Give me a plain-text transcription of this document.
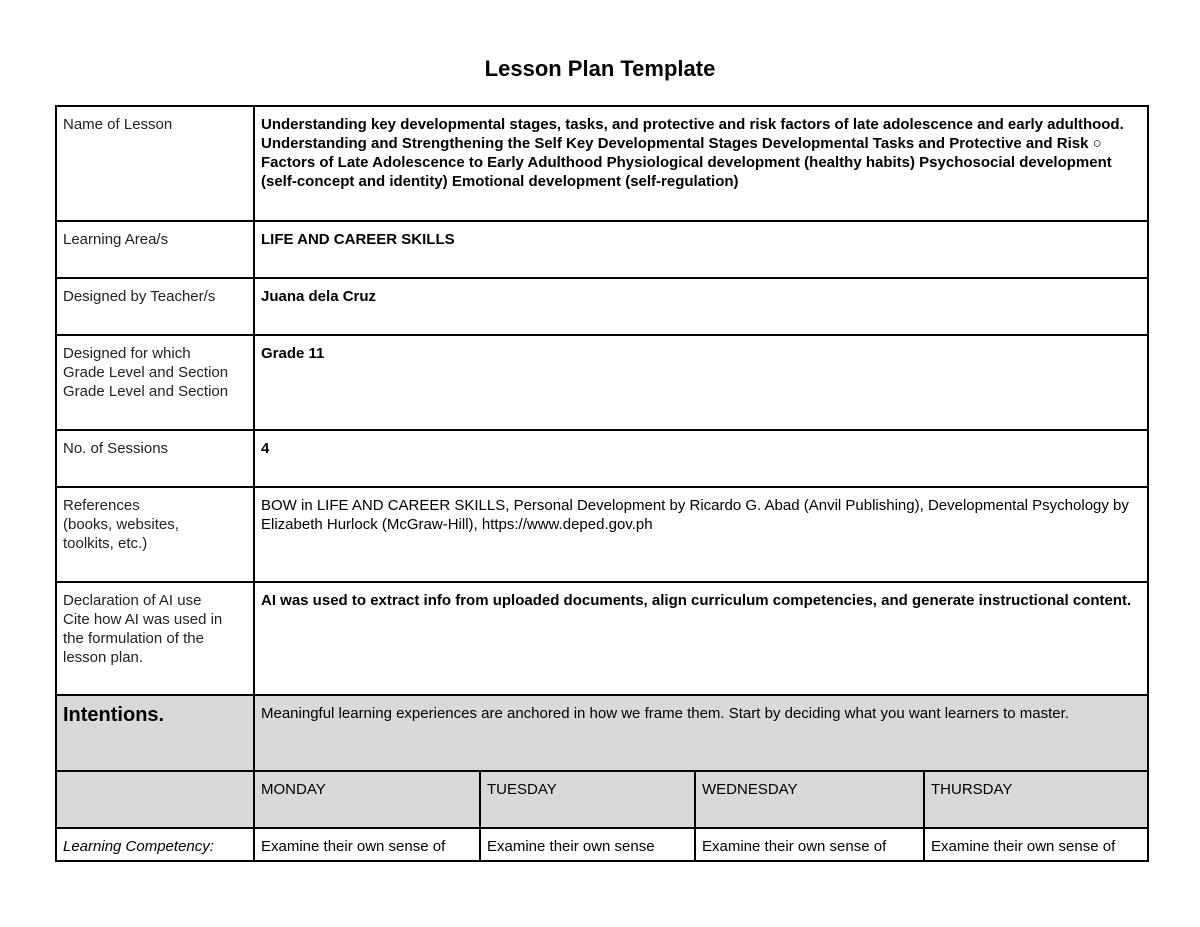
Lesson Plan Template
Name of Lesson	Understanding key developmental stages, tasks, and protective and risk factors of late adolescence and early adulthood. Understanding and Strengthening the Self Key Developmental Stages Developmental Tasks and Protective and Risk ○ Factors of Late Adolescence to Early Adulthood Physiological development (healthy habits) Psychosocial development (self-concept and identity) Emotional development (self-regulation)			
Learning Area/s	LIFE AND CAREER SKILLS			
Designed by Teacher/s	Juana dela Cruz			

Designed for which
Grade Level and Section
Grade Level and Section	Grade 11			
No. of Sessions	4			

References
(books, websites,
toolkits, etc.)	BOW in LIFE AND CAREER SKILLS, Personal Development by Ricardo G. Abad (Anvil Publishing), Developmental Psychology by Elizabeth Hurlock (McGraw-Hill), https://www.deped.gov.ph			

Declaration of AI use
Cite how AI was used in
the formulation of the
lesson plan.	AI was used to extract info from uploaded documents, align curriculum competencies, and generate instructional content.			
Intentions.	Meaningful learning experiences are anchored in how we frame them. Start by deciding what you want learners to master.			
	MONDAY	TUESDAY	WEDNESDAY	THURSDAY
Learning Competency:	Examine their own sense of	Examine their own sense	Examine their own sense of	Examine their own sense of
